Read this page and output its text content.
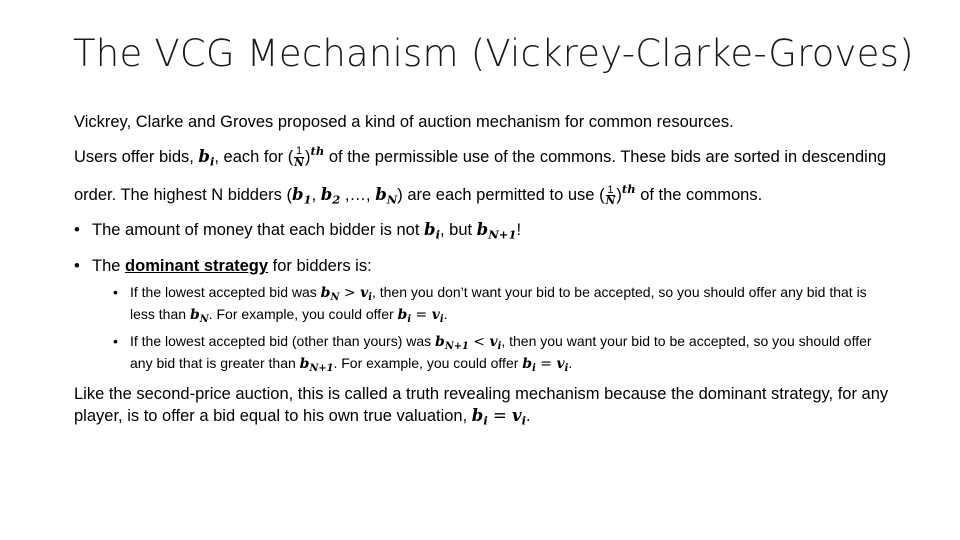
The VCG Mechanism (Vickrey-Clarke-Groves)

Vickrey, Clarke and Groves proposed a kind of auction mechanism for common resources.

Users offer bids, $b_i$, each for ( $\frac{1}{N} )^{th}$ of the permissible use of the commons. These bids are sorted in descending order. The highest N bidders ($b_1$, $b_2$ ,…, $b_N$) are each permitted to use ( $\frac{1}{N} )^{th}$ of the commons.

• The amount of money that each bidder is not $b_i$, but $b_{N+1}$!

• The dominant strategy for bidders is:

• If the lowest accepted bid was $b_N > v_i$, then you don’t want your bid to be accepted, so you should offer any bid that is less than $b_N$. For example, you could offer $b_i = v_i$.

• If the lowest accepted bid (other than yours) was $b_{N+1} < v_i$, then you want your bid to be accepted, so you should offer any bid that is greater than $b_{N+1}$. For example, you could offer $b_i = v_i$.

Like the second-price auction, this is called a truth revealing mechanism because the dominant strategy, for any player, is to offer a bid equal to his own true valuation, $b_i = v_i$.
